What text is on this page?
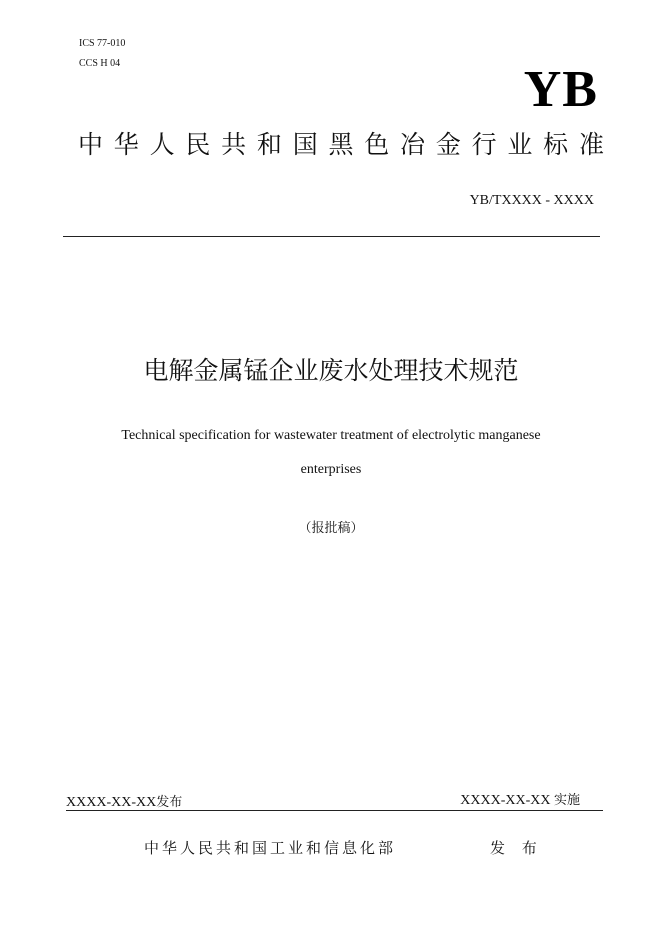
ICS 77-010
CCS H 04	YB
中 华 人 民 共 和 国 黑 色 冶 金 行 业 标 准
YB/TXXXX - XXXX
电解金属锰企业废水处理技术规范
Technical specification for wastewater treatment of electrolytic manganese
enterprises
（报批稿）
XXXX-XX-XX发布	XXXX-XX-XX 实施
中华人民共和国工业和信息化部	发 布
